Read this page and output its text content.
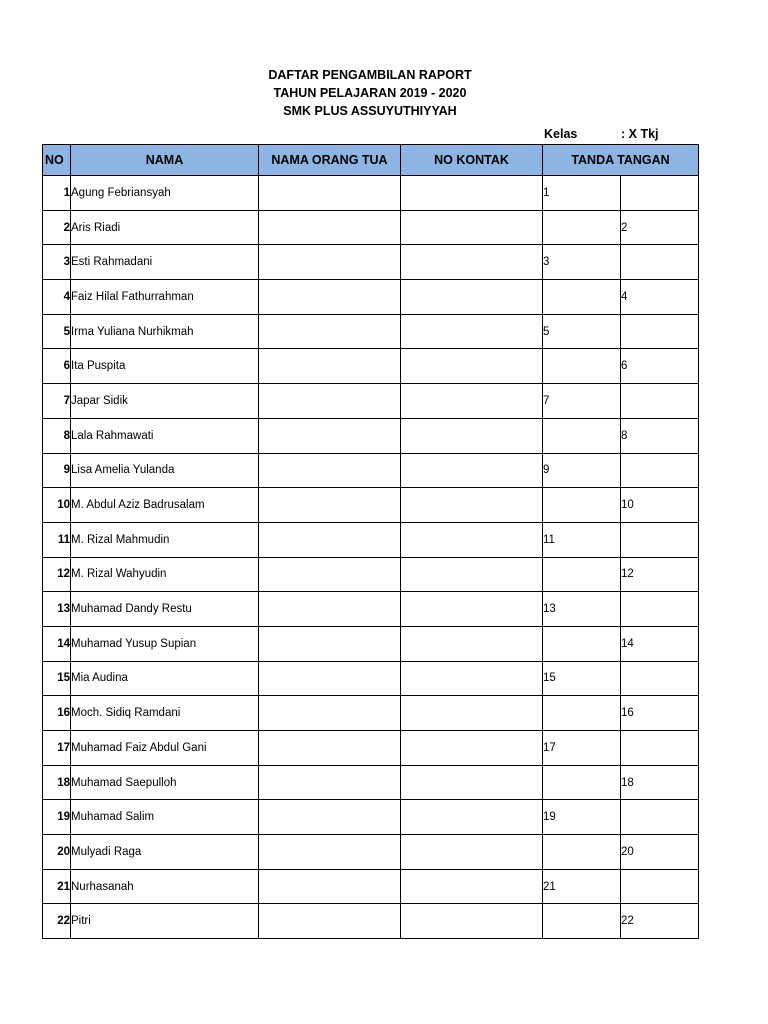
DAFTAR PENGAMBILAN RAPORT
TAHUN PELAJARAN 2019 - 2020
SMK PLUS ASSUYUTHIYYAH
Kelas	: X Tkj
NO	NAMA	NAMA ORANG TUA	NO KONTAK	TANDA TANGAN	
1	Agung Febriansyah			1	
2	Aris Riadi				2
3	Esti Rahmadani			3	
4	Faiz Hilal Fathurrahman				4
5	Irma Yuliana Nurhikmah			5	
6	Ita Puspita				6
7	Japar Sidik			7	
8	Lala Rahmawati				8
9	Lisa Amelia Yulanda			9	
10	M. Abdul Aziz Badrusalam				10
11	M. Rizal Mahmudin			11	
12	M. Rizal Wahyudin				12
13	Muhamad Dandy Restu			13	
14	Muhamad Yusup Supian				14
15	Mia Audina			15	
16	Moch. Sidiq Ramdani				16
17	Muhamad Faiz Abdul Gani			17	
18	Muhamad Saepulloh				18
19	Muhamad Salim			19	
20	Mulyadi Raga				20
21	Nurhasanah			21	
22	Pitri				22
